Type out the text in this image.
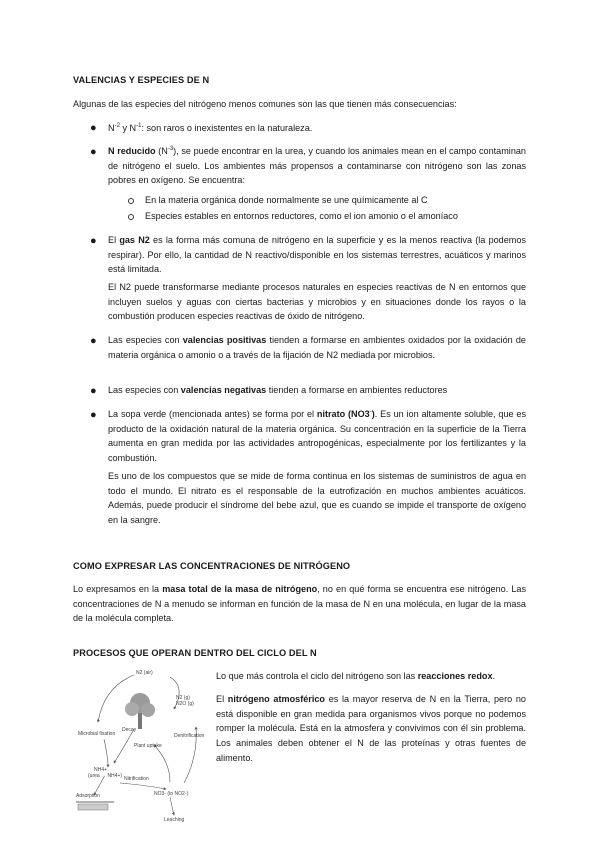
VALENCIAS Y ESPECIES DE N
Algunas de las especies del nitrógeno menos comunes son las que tienen más consecuencias:
● $N^{-2}$ y $N^{-1}$: son raros o inexistentes en la naturaleza.
● N reducido $(N^{-3})$, se puede encontrar en la urea, y cuando los animales mean en el campo contaminan de nitrógeno el suelo. Los ambientes más propensos a contaminarse con nitrógeno son las zonas pobres en oxígeno. Se encuentra:
En la materia orgánica donde normalmente se une químicamente al C
Especies estables en entornos reductores, como el ion amonio o el amoníaco
● El gas N2 es la forma más comuna de nitrógeno en la superficie y es la menos reactiva (la podemos respirar). Por ello, la cantidad de N reactivo/disponible en los sistemas terrestres, acuáticos y marinos está limitada.
El N2 puede transformarse mediante procesos naturales en especies reactivas de N en entornos que incluyen suelos y aguas con ciertas bacterias y microbios y en situaciones donde los rayos o la combustión producen especies reactivas de óxido de nitrógeno.
● Las especies con valencias positivas tienden a formarse en ambientes oxidados por la oxidación de materia orgánica o amonio o a través de la fijación de N2 mediada por microbios.
● Las especies con valencias negativas tienden a formarse en ambientes reductores
● La sopa verde (mencionada antes) se forma por el nitrato (NO3-). Es un ion altamente soluble, que es producto de la oxidación natural de la materia orgánica. Su concentración en la superficie de la Tierra aumenta en gran medida por las actividades antropogénicas, especialmente por los fertilizantes y la combustión.
Es uno de los compuestos que se mide de forma continua en los sistemas de suministros de agua en todo el mundo. El nitrato es el responsable de la eutrofización en muchos ambientes acuáticos. Además, puede producir el síndrome del bebe azul, que es cuando se impide el transporte de oxígeno en la sangre.
COMO EXPRESAR LAS CONCENTRACIONES DE NITRÓGENO
Lo expresamos en la masa total de la masa de nitrógeno, no en qué forma se encuentra ese nitrógeno. Las concentraciones de N a menudo se informan en función de la masa de N en una molécula, en lugar de la masa de la molécula completa.
PROCESOS QUE OPERAN DENTRO DEL CICLO DEL N
N2 (air)
N2 (g)
N2O (g)
Microbial fixation
Decay
Plant uptake
Denitrification
NH4+
(urea → NH4+) Nitrification
NO3- (to NO2-)
Adsorption
Leaching
Lo que más controla el ciclo del nitrógeno son las reacciones redox.
El nitrógeno atmosférico es la mayor reserva de N en la Tierra, pero no está disponible en gran medida para organismos vivos porque no podemos romper la molécula. Está en la atmosfera y convivimos con él sin problema. Los animales deben obtener el N de las proteínas y otras fuentes de alimento.
